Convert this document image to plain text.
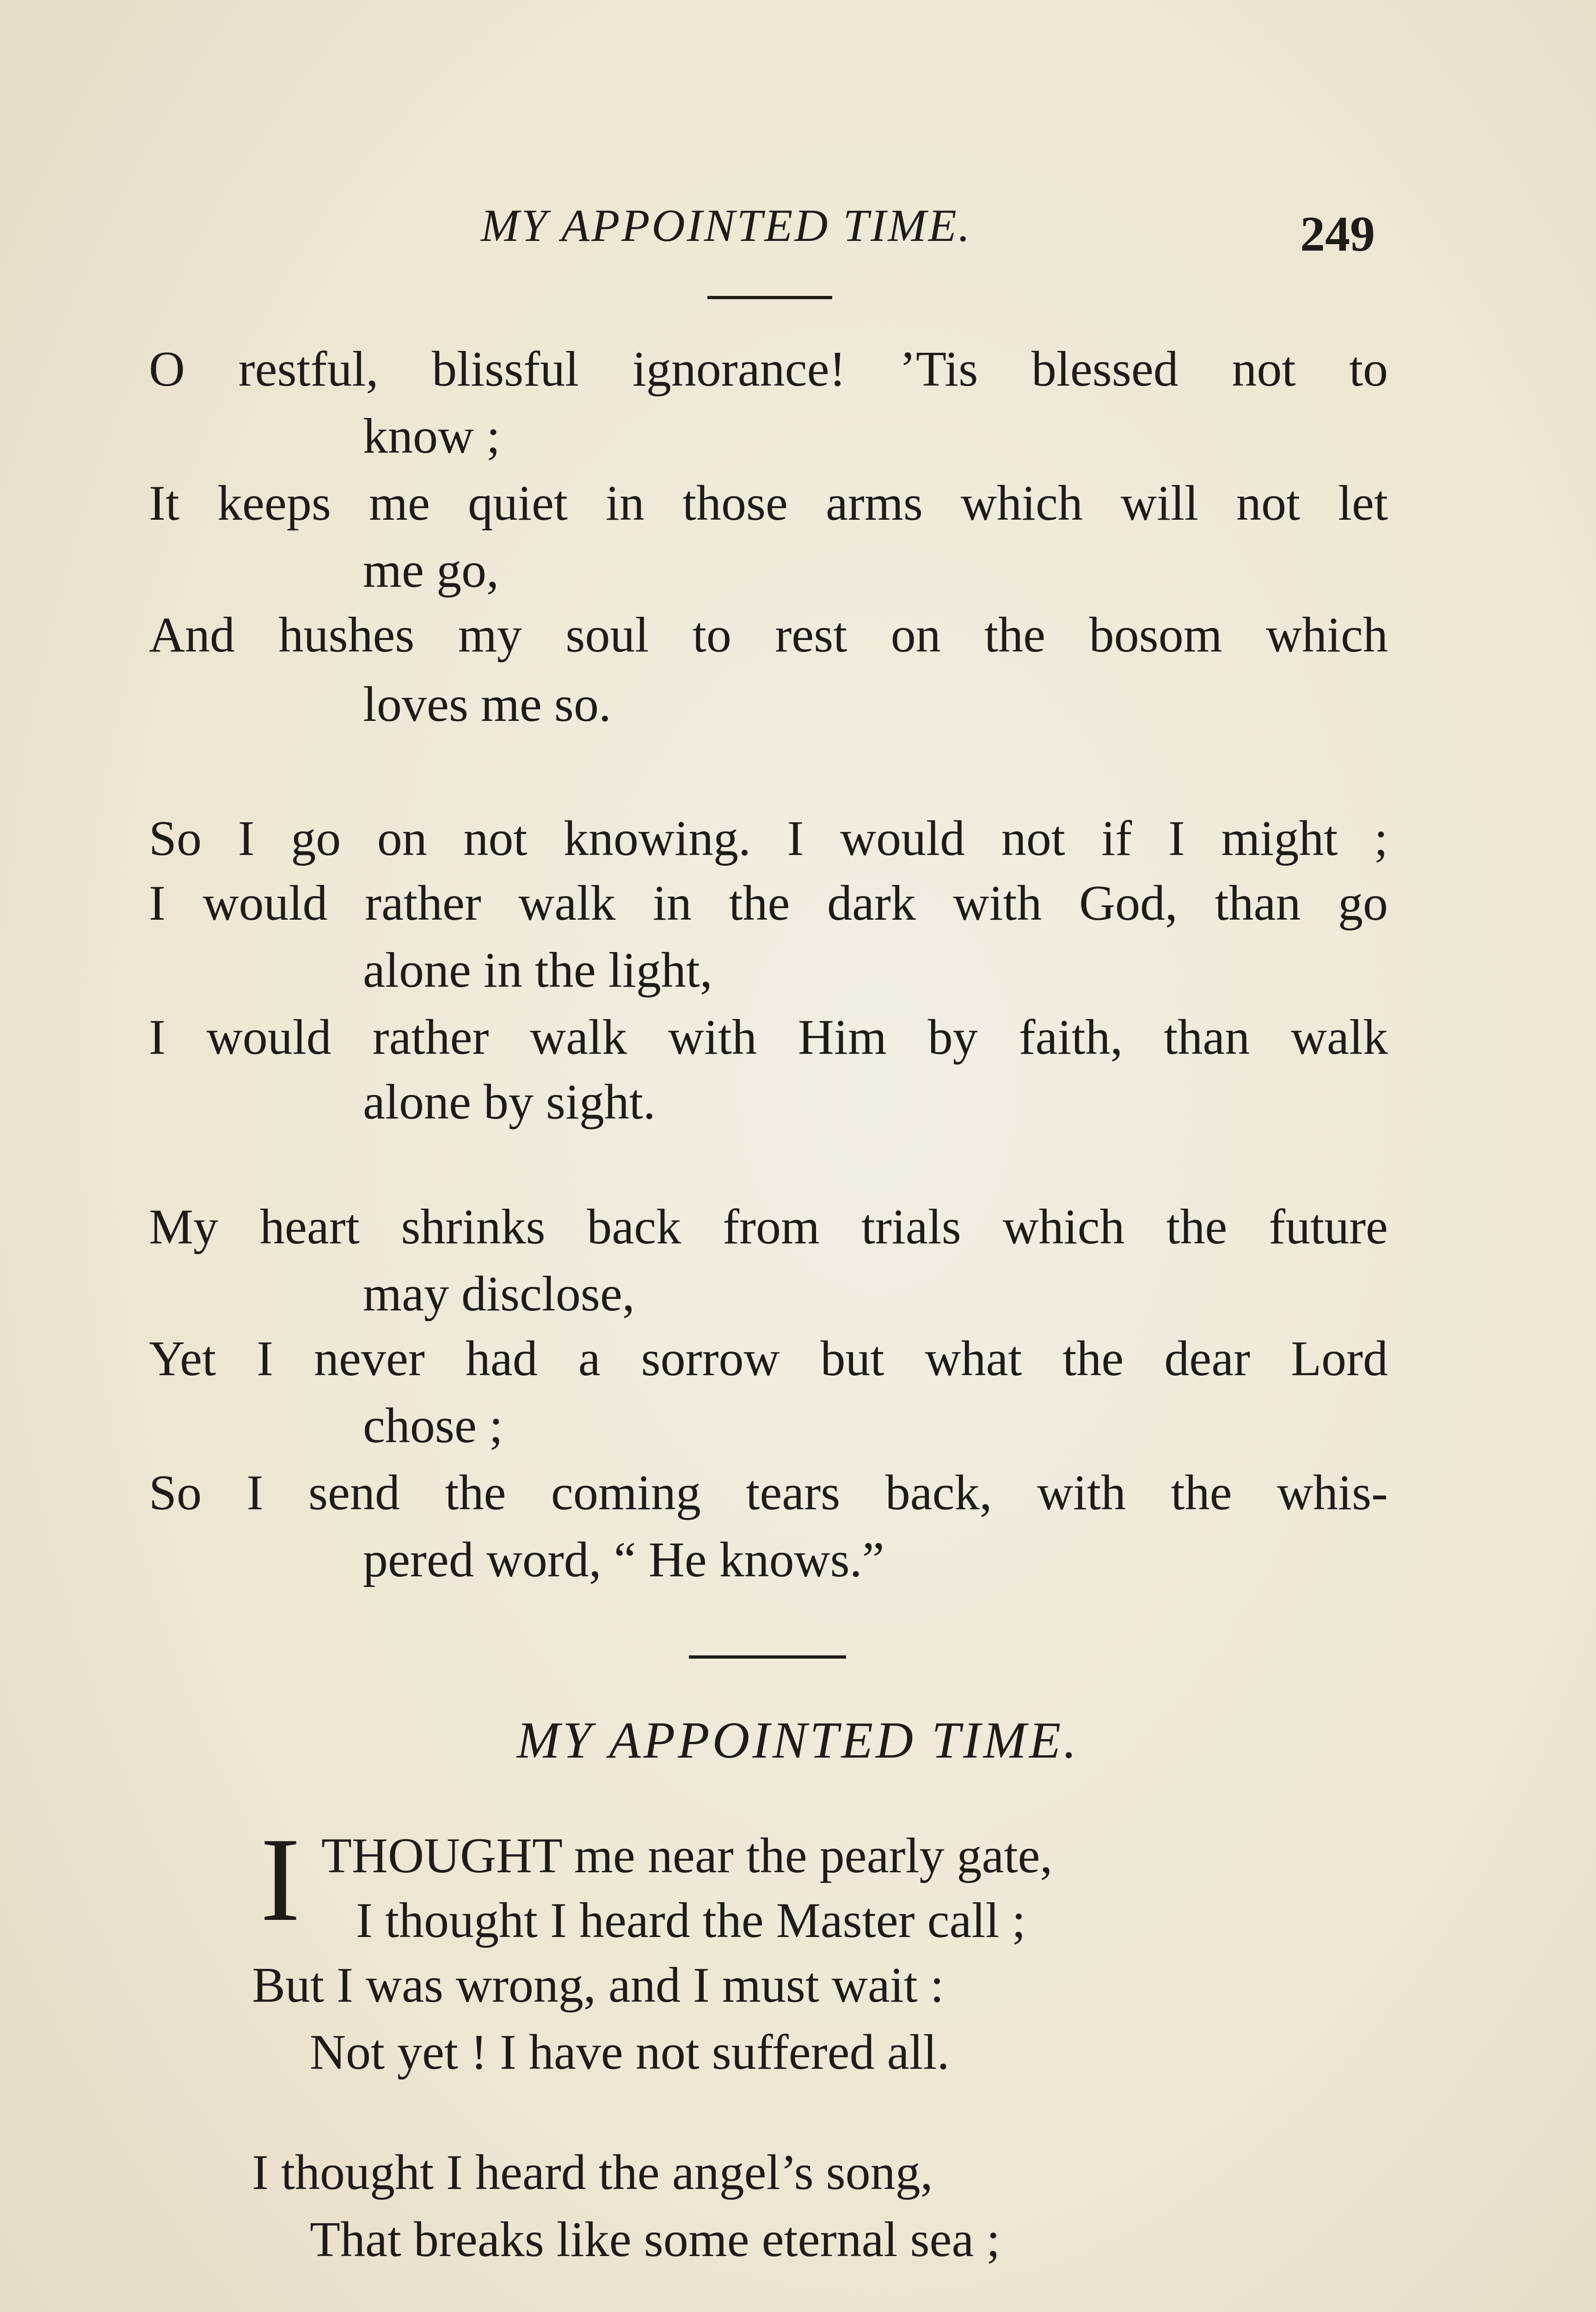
MY APPOINTED TIME.	249
O restful, blissful ignorance! ’Tis blessed not to
know ;
It keeps me quiet in those arms which will not let
me go,
And hushes my soul to rest on the bosom which
loves me so.
So I go on not knowing. I would not if I might ;
I would rather walk in the dark with God, than go
alone in the light,
I would rather walk with Him by faith, than walk
alone by sight.
My heart shrinks back from trials which the future
may disclose,
Yet I never had a sorrow but what the dear Lord
chose ;
So I send the coming tears back, with the whis-
pered word, “ He knows.”
MY APPOINTED TIME.
I THOUGHT me near the pearly gate,
I thought I heard the Master call ;
But I was wrong, and I must wait :
Not yet ! I have not suffered all.
I thought I heard the angel’s song,
That breaks like some eternal sea ;
